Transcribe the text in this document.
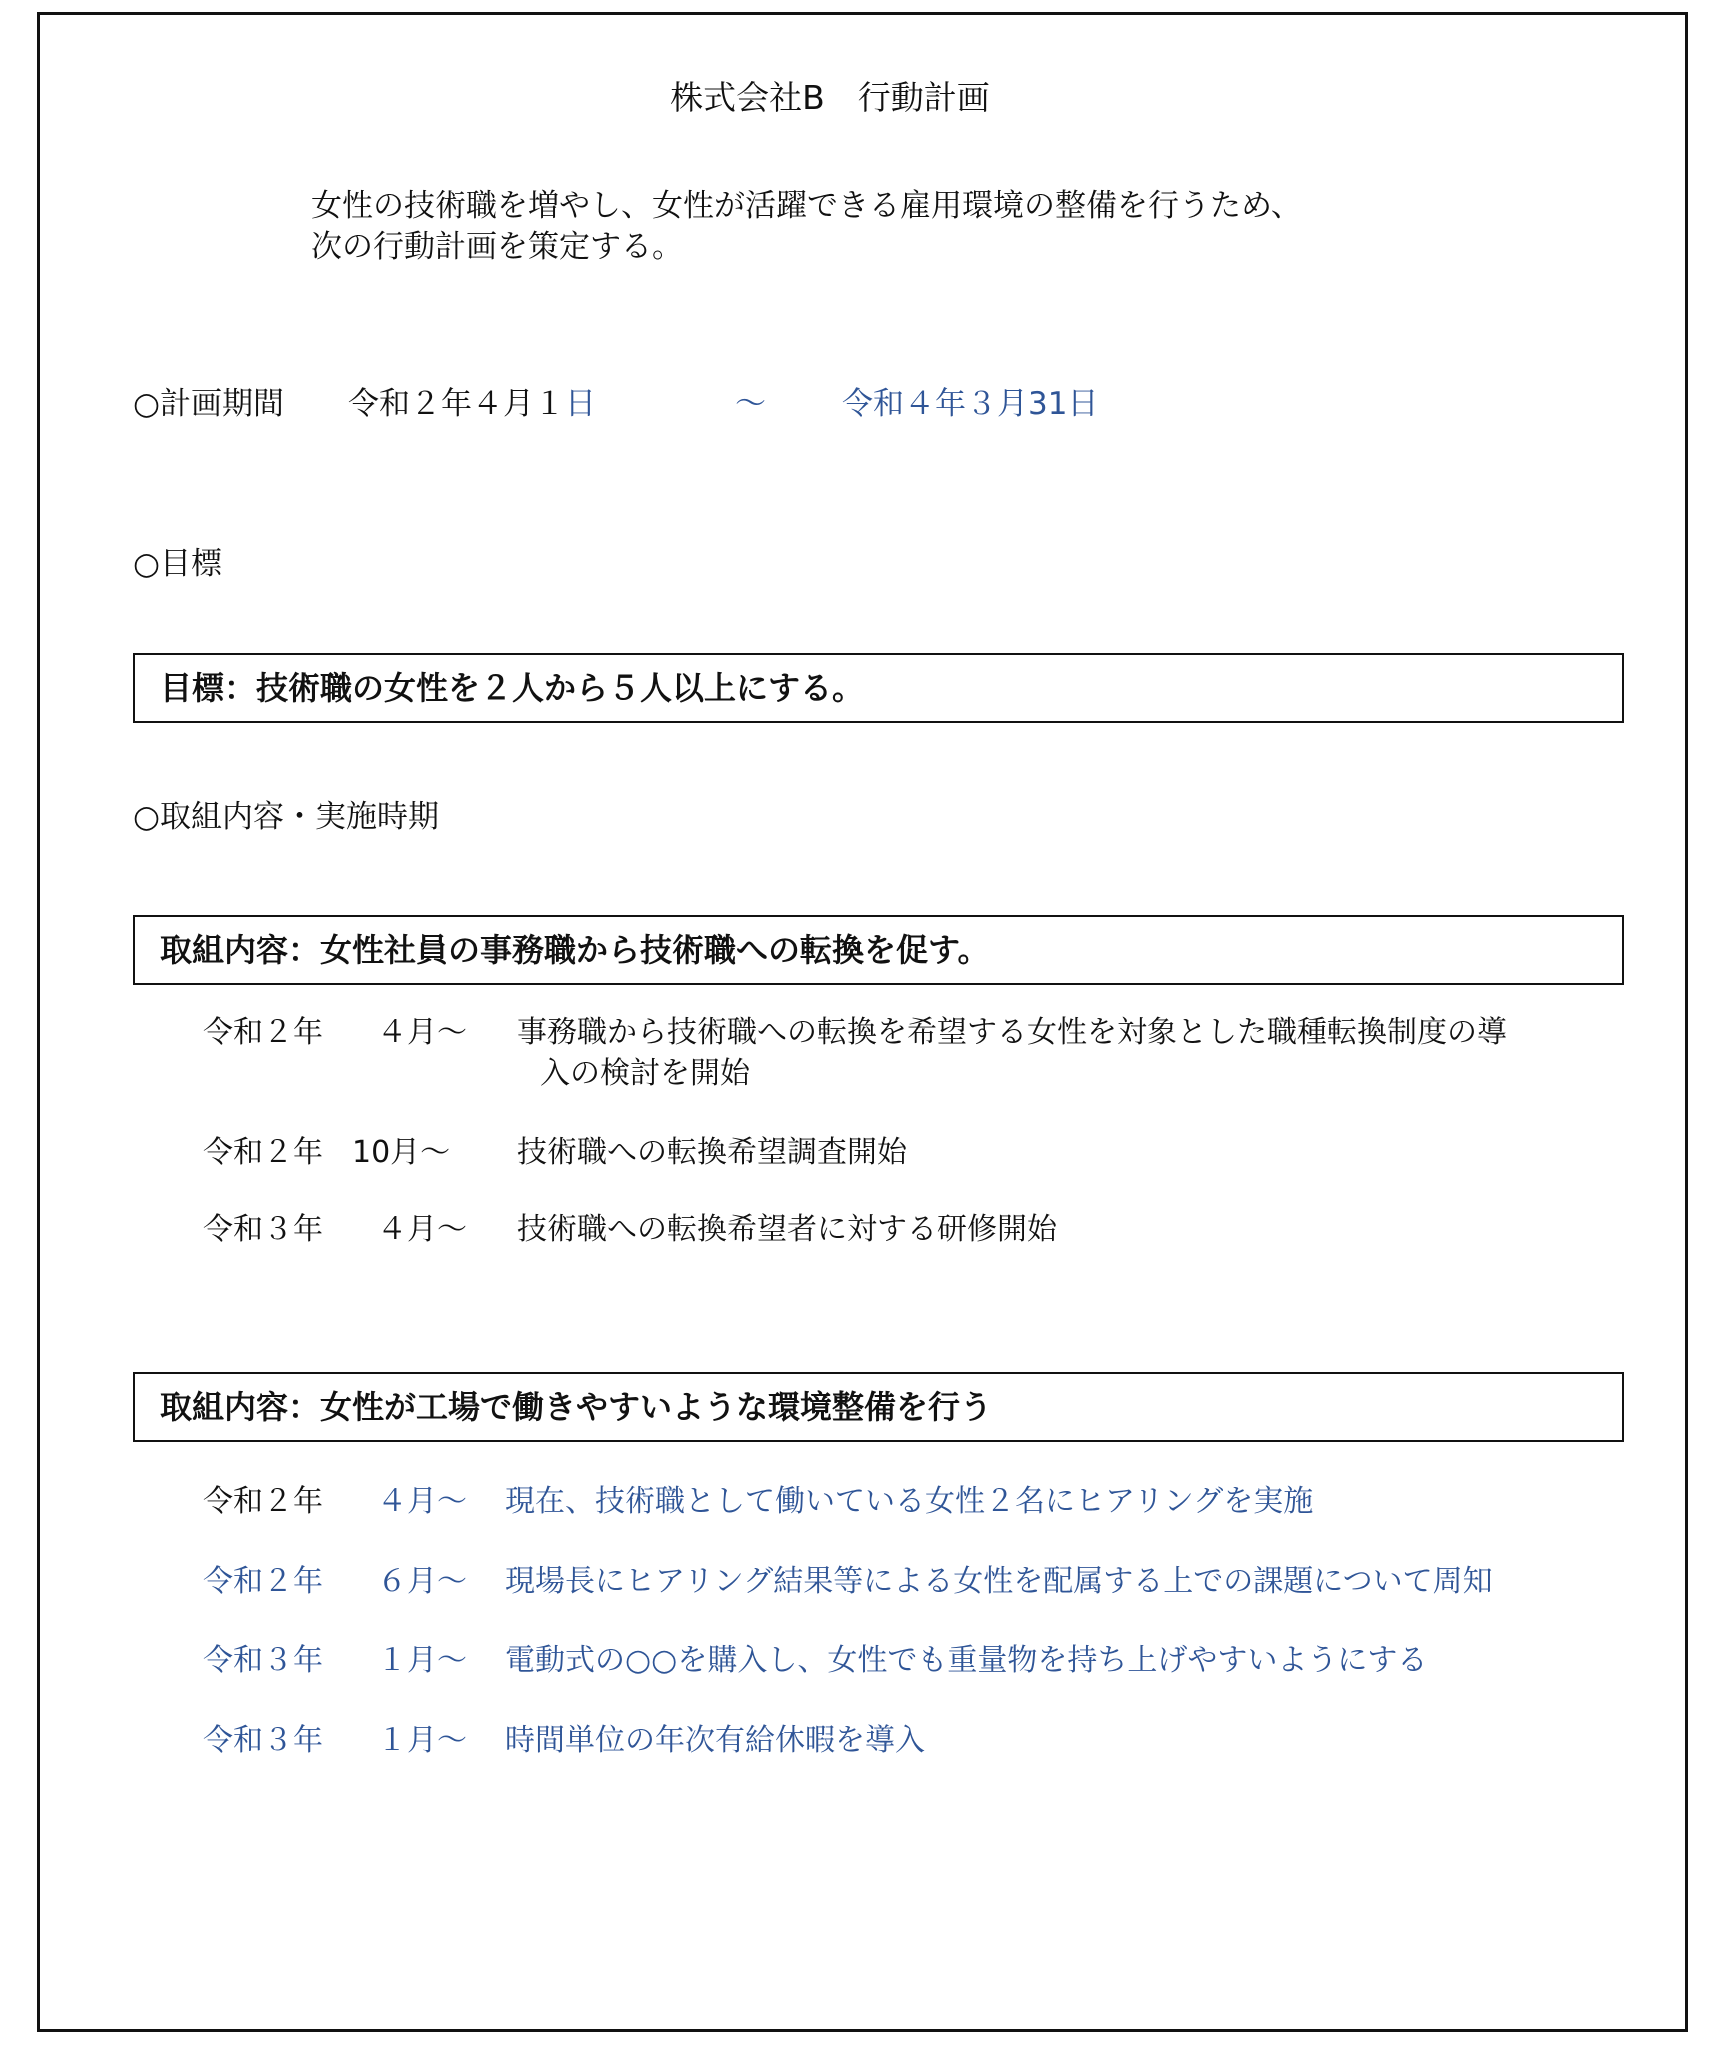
株式会社B　行動計画
女性の技術職を増やし、女性が活躍できる雇用環境の整備を行うため、
次の行動計画を策定する。
○計画期間 令和２年４月１日	～ 令和４年３月31日
○目標
目標：技術職の女性を２人から５人以上にする。
○取組内容・実施時期
取組内容：女性社員の事務職から技術職への転換を促す。
令和２年 ４月～ 事務職から技術職への転換を希望する女性を対象とした職種転換制度の導
入の検討を開始
令和２年 10月～ 技術職への転換希望調査開始
令和３年 ４月～ 技術職への転換希望者に対する研修開始
取組内容：女性が工場で働きやすいような環境整備を行う
令和２年 ４月～ 現在、技術職として働いている女性２名にヒアリングを実施
令和２年 ６月～ 現場長にヒアリング結果等による女性を配属する上での課題について周知
令和３年 １月～ 電動式の○○を購入し、女性でも重量物を持ち上げやすいようにする
令和３年 １月～ 時間単位の年次有給休暇を導入
